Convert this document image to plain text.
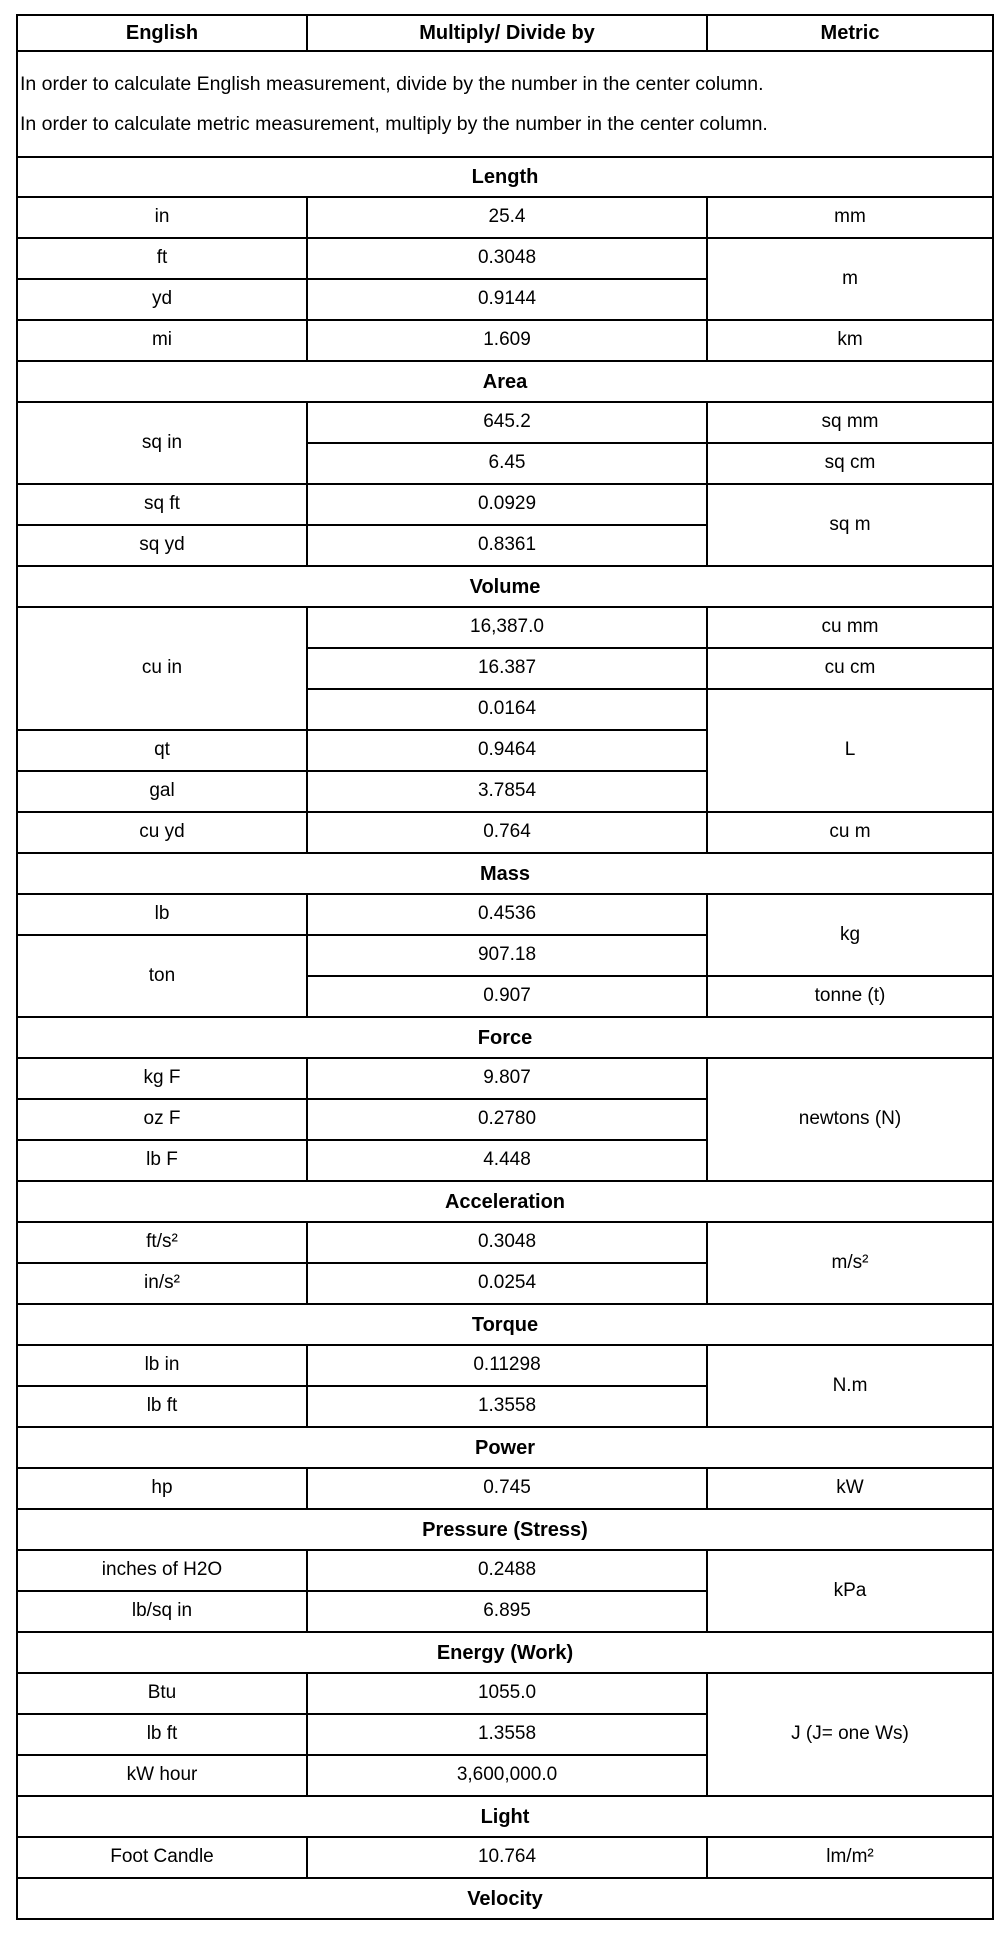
English	Multiply/ Divide by	Metric

In order to calculate English measurement, divide by the number in the center column.
In order to calculate metric measurement, multiply by the number in the center column.		

Length		
in	25.4	mm
ft	0.3048	m
yd	0.9144	
mi	1.609	km
Area		
sq in	645.2	sq mm
	6.45	sq cm
sq ft	0.0929	sq m
sq yd	0.8361	
Volume		
cu in	16,387.0	cu mm
	16.387	cu cm
	0.0164	L
qt	0.9464	
gal	3.7854	
cu yd	0.764	cu m
Mass		
lb	0.4536	kg
ton	907.18	
	0.907	tonne (t)
Force		
kg F	9.807	newtons (N)
oz F	0.2780	
lb F	4.448	
Acceleration		
ft/s²	0.3048	m/s²
in/s²	0.0254	
Torque		
lb in	0.11298	N.m
lb ft	1.3558	
Power		
hp	0.745	kW
Pressure (Stress)		
inches of H2O	0.2488	kPa
lb/sq in	6.895	
Energy (Work)		
Btu	1055.0	J (J= one Ws)
lb ft	1.3558	
kW hour	3,600,000.0	
Light		
Foot Candle	10.764	lm/m²
Velocity		
